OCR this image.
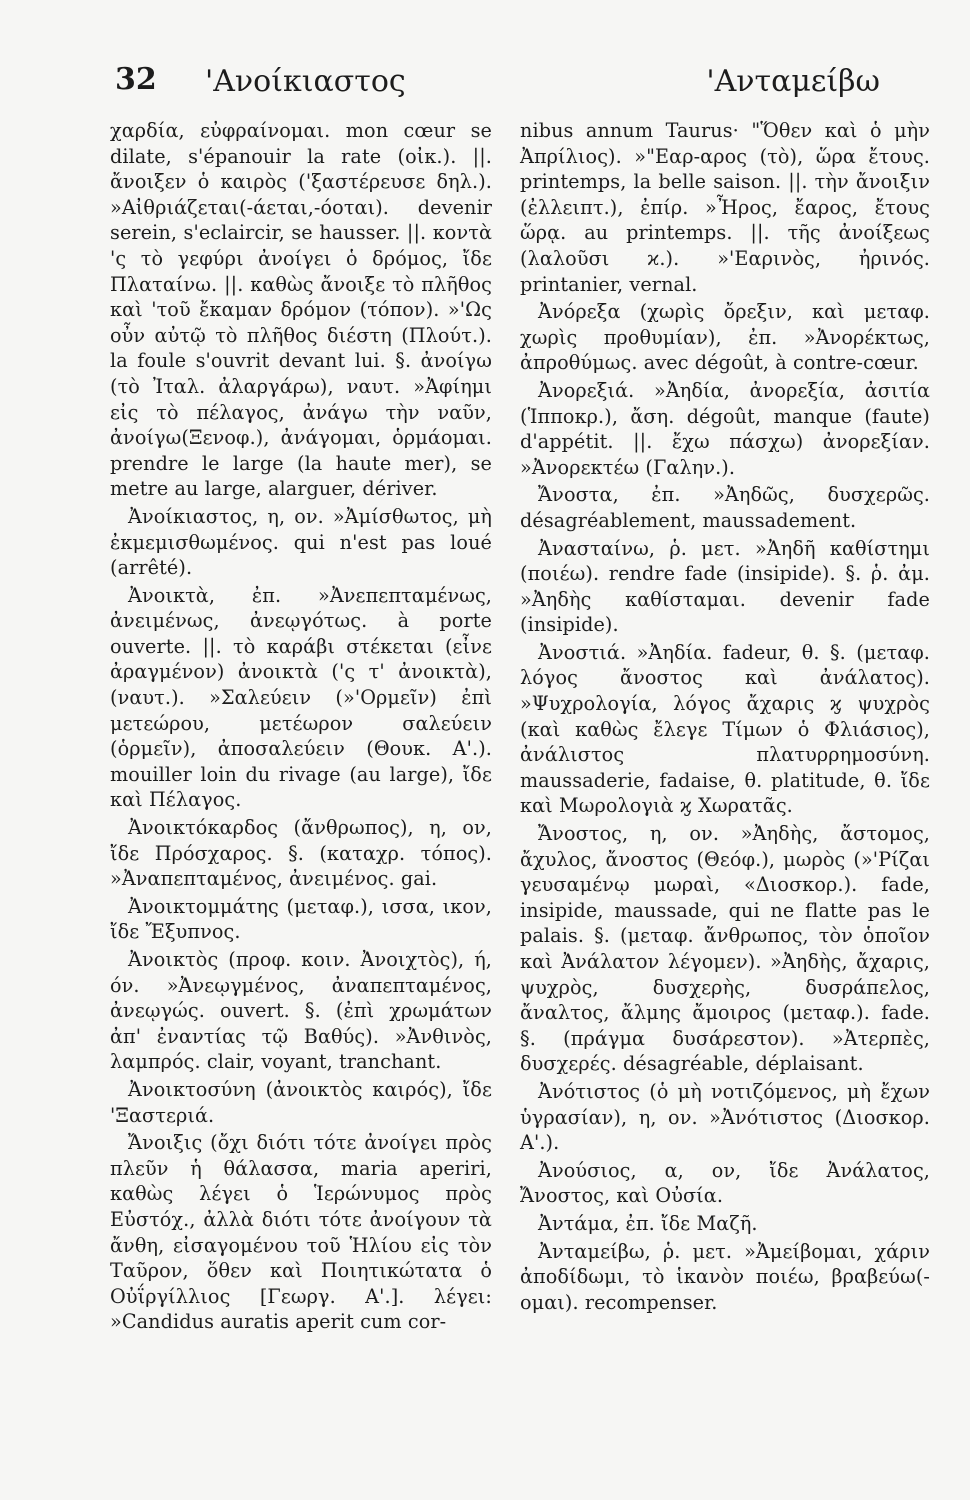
32 'Ανοίκιαστος	'Ανταμείβω

χαρδία, εὐφραίνομαι. mon cœur se dilate, s'épanouir la rate (οἰκ.). ||. ἄνοιξεν ὁ καιρὸς ('ξαστέρευσε δηλ.). »Αἰθριάζεται(-άεται,-όοται). devenir serein, s'eclaircir, se hausser. ||. κοντὰ 'ς τὸ γεφύρι ἀνοίγει ὁ δρόμος, ἴδε Πλαταίνω. ||. καθὼς ἄνοιξε τὸ πλῆθος καὶ 'τοῦ ἔκαμαν δρόμον (τόπον). »'Ως οὖν αὐτῷ τὸ πλῆθος διέστη (Πλούτ.). la foule s'ouvrit devant lui. §. ἀνοίγω (τὸ Ἰταλ. ἀλαργάρω), ναυτ. »Ἀφίημι εἰς τὸ πέλαγος, ἀνάγω τὴν ναῦν, ἀνοίγω(Ξενοφ.), ἀνάγομαι, ὁρμάομαι. prendre le large (la haute mer), se metre au large, alarguer, dériver.

Ἀνοίκιαστος, η, ον. »Ἀμίσθωτος, μὴ ἐκμεμισθωμένος. qui n'est pas loué (arrêté).

Ἀνοικτὰ, ἐπ. »Ἀνεπεπταμένως, ἀνειμένως, ἀνεῳγότως. à porte ouverte. ||. τὸ καράβι στέκεται (εἶνε ἀραγμένον) ἀνοικτὰ ('ς τ' ἀνοικτὰ), (ναυτ.). »Σαλεύειν (»'Ορμεῖν) ἐπὶ μετεώρου, μετέωρον σαλεύειν (ὁρμεῖν), ἀποσαλεύειν (Θουκ. Α'.). mouiller loin du rivage (au large), ἴδε καὶ Πέλαγος.

Ἀνοικτόκαρδος (ἄνθρωπος), η, ον, ἴδε Πρόσχαρος. §. (καταχρ. τόπος). »Ἀναπεπταμένος, ἀνειμένος. gai.

Ἀνοικτομμάτης (μεταφ.), ισσα, ικον, ἴδε Ἔξυπνος.

Ἀνοικτὸς (προφ. κοιν. Ἀνοιχτὸς), ή, όν. »Ἀνεῳγμένος, ἀναπεπταμένος, ἀνεῳγώς. ouvert. §. (ἐπὶ χρωμάτων ἀπ' ἐναντίας τῷ Βαθύς). »Ἀνθινὸς, λαμπρός. clair, voyant, tranchant.

Ἀνοικτοσύνη (ἀνοικτὸς καιρός), ἴδε 'Ξαστεριά.

Ἄνοιξις (ὄχι διότι τότε ἀνοίγει πρὸς πλεῦν ἡ θάλασσα, maria aperiri, καθὼς λέγει ὁ Ἱερώνυμος πρὸς Εὐστόχ., ἀλλὰ διότι τότε ἀνοίγουν τὰ ἄνθη, εἰσαγομένου τοῦ Ἡλίου εἰς τὸν Ταῦρον, ὅθεν καὶ Ποιητικώτατα ὁ Οὐΐργίλλιος [Γεωργ. Α'.]. λέγει: »Candidus auratis aperit cum cor-

nibus annum Taurus· "Ὅθεν καὶ ὁ μὴν Ἀπρίλιος). »"Εαρ-αρος (τὸ), ὥρα ἔτους. printemps, la belle saison. ||. τὴν ἄνοιξιν (ἐλλειπτ.), ἐπίρ. »Ἦρος, ἔαρος, ἔτους ὥρᾳ. au printemps. ||. τῆς ἀνοίξεως (λαλοῦσι ϰ.). »'Εαρινὸς, ἠρινός. printanier, vernal.

Ἀνόρεξα (χωρὶς ὄρεξιν, καὶ μεταφ. χωρὶς προθυμίαν), ἐπ. »Ἀνορέκτως, ἀπροθύμως. avec dégoût, à contre-cœur.

Ἀνορεξιά. »Ἀηδία, ἀνορεξία, ἀσιτία (Ἱπποκρ.), ἄση. dégoût, manque (faute) d'appétit. ||. ἔχω πάσχω) ἀνορεξίαν. »Ἀνορεκτέω (Γαλην.).

Ἄνοστα, ἐπ. »Ἀηδῶς, δυσχερῶς. désagréablement, maussadement.

Ἀνασταίνω, ῥ. μετ. »Ἀηδῆ καθίστημι (ποιέω). rendre fade (insipide). §. ῥ. ἀμ. »Ἀηδὴς καθίσταμαι. devenir fade (insipide).

Ἀνοστιά. »Ἀηδία. fadeur, θ. §. (μεταφ. λόγος ἄνοστος καὶ ἀνάλατος). »Ψυχρολογία, λόγος ἄχαρις ϗ ψυχρὸς (καὶ καθὼς ἔλεγε Τίμων ὁ Φλιάσιος), ἀνάλιστος πλατυρρημοσύνη. maussaderie, fadaise, θ. platitude, θ. ἴδε καὶ Μωρολογιὰ ϗ Χωρατᾶς.

Ἄνοστος, η, ον. »Ἀηδὴς, ἄστομος, ἄχυλος, ἄνοστος (Θεόφ.), μωρὸς (»'Ρίζαι γευσαμένῳ μωραὶ, «Διοσκορ.). fade, insipide, maussade, qui ne flatte pas le palais. §. (μεταφ. ἄνθρωπος, τὸν ὁποῖον καὶ Ἀνάλατον λέγομεν). »Ἀηδὴς, ἄχαρις, ψυχρὸς, δυσχερὴς, δυσράπελος, ἄναλτος, ἄλμης ἄμοιρος (μεταφ.). fade. §. (πράγμα δυσάρεστον). »Ἀτερπὲς, δυσχερές. désagréable, déplaisant.

Ἀνότιστος (ὁ μὴ νοτιζόμενος, μὴ ἔχων ὑγρασίαν), η, ον. »Ἀνότιστος (Διοσκορ. Α'.).

Ἀνούσιος, α, ον, ἴδε Ἀνάλατος, Ἄνοστος, καὶ Οὐσία.

Ἀντάμα, ἐπ. ἴδε Μαζῆ.

Ἀνταμείβω, ῥ. μετ. »Ἀμείβομαι, χάριν ἀποδίδωμι, τὸ ἱκανὸν ποιέω, βραβεύω(-ομαι). recompenser.
